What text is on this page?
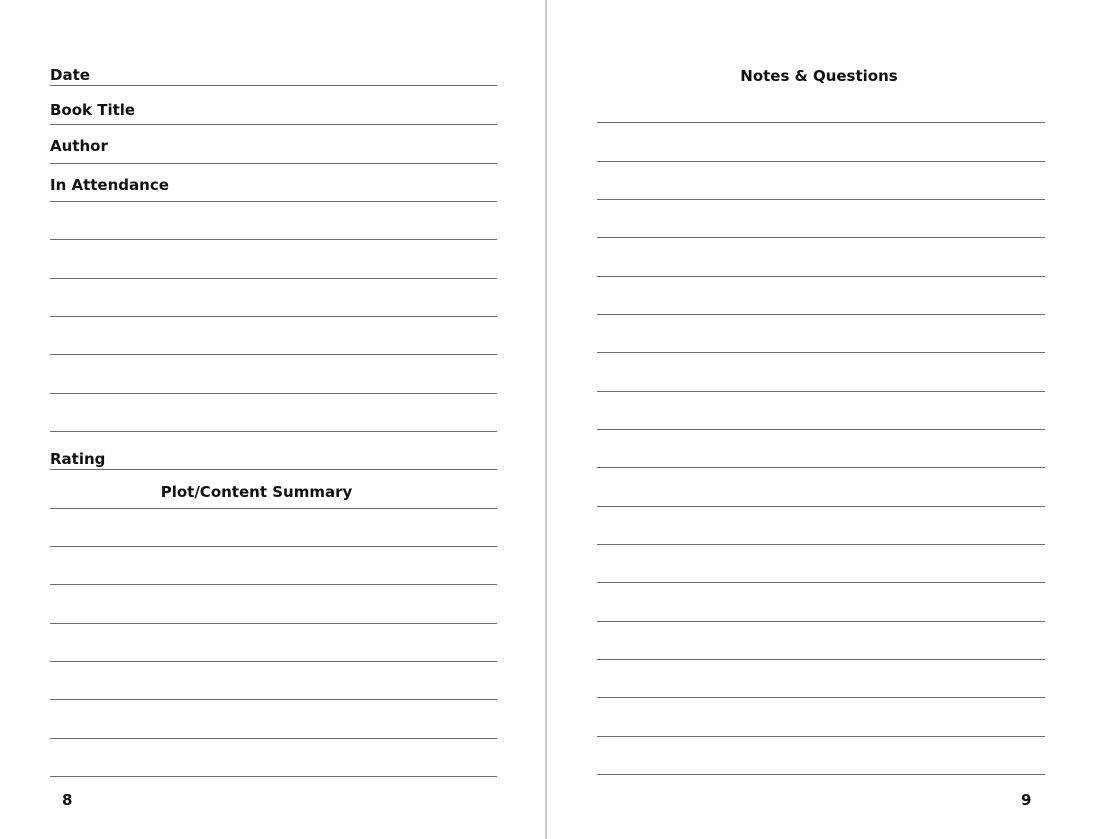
Date
Book Title
Author
In Attendance
Rating
Plot/Content Summary
8
Notes & Questions
9
